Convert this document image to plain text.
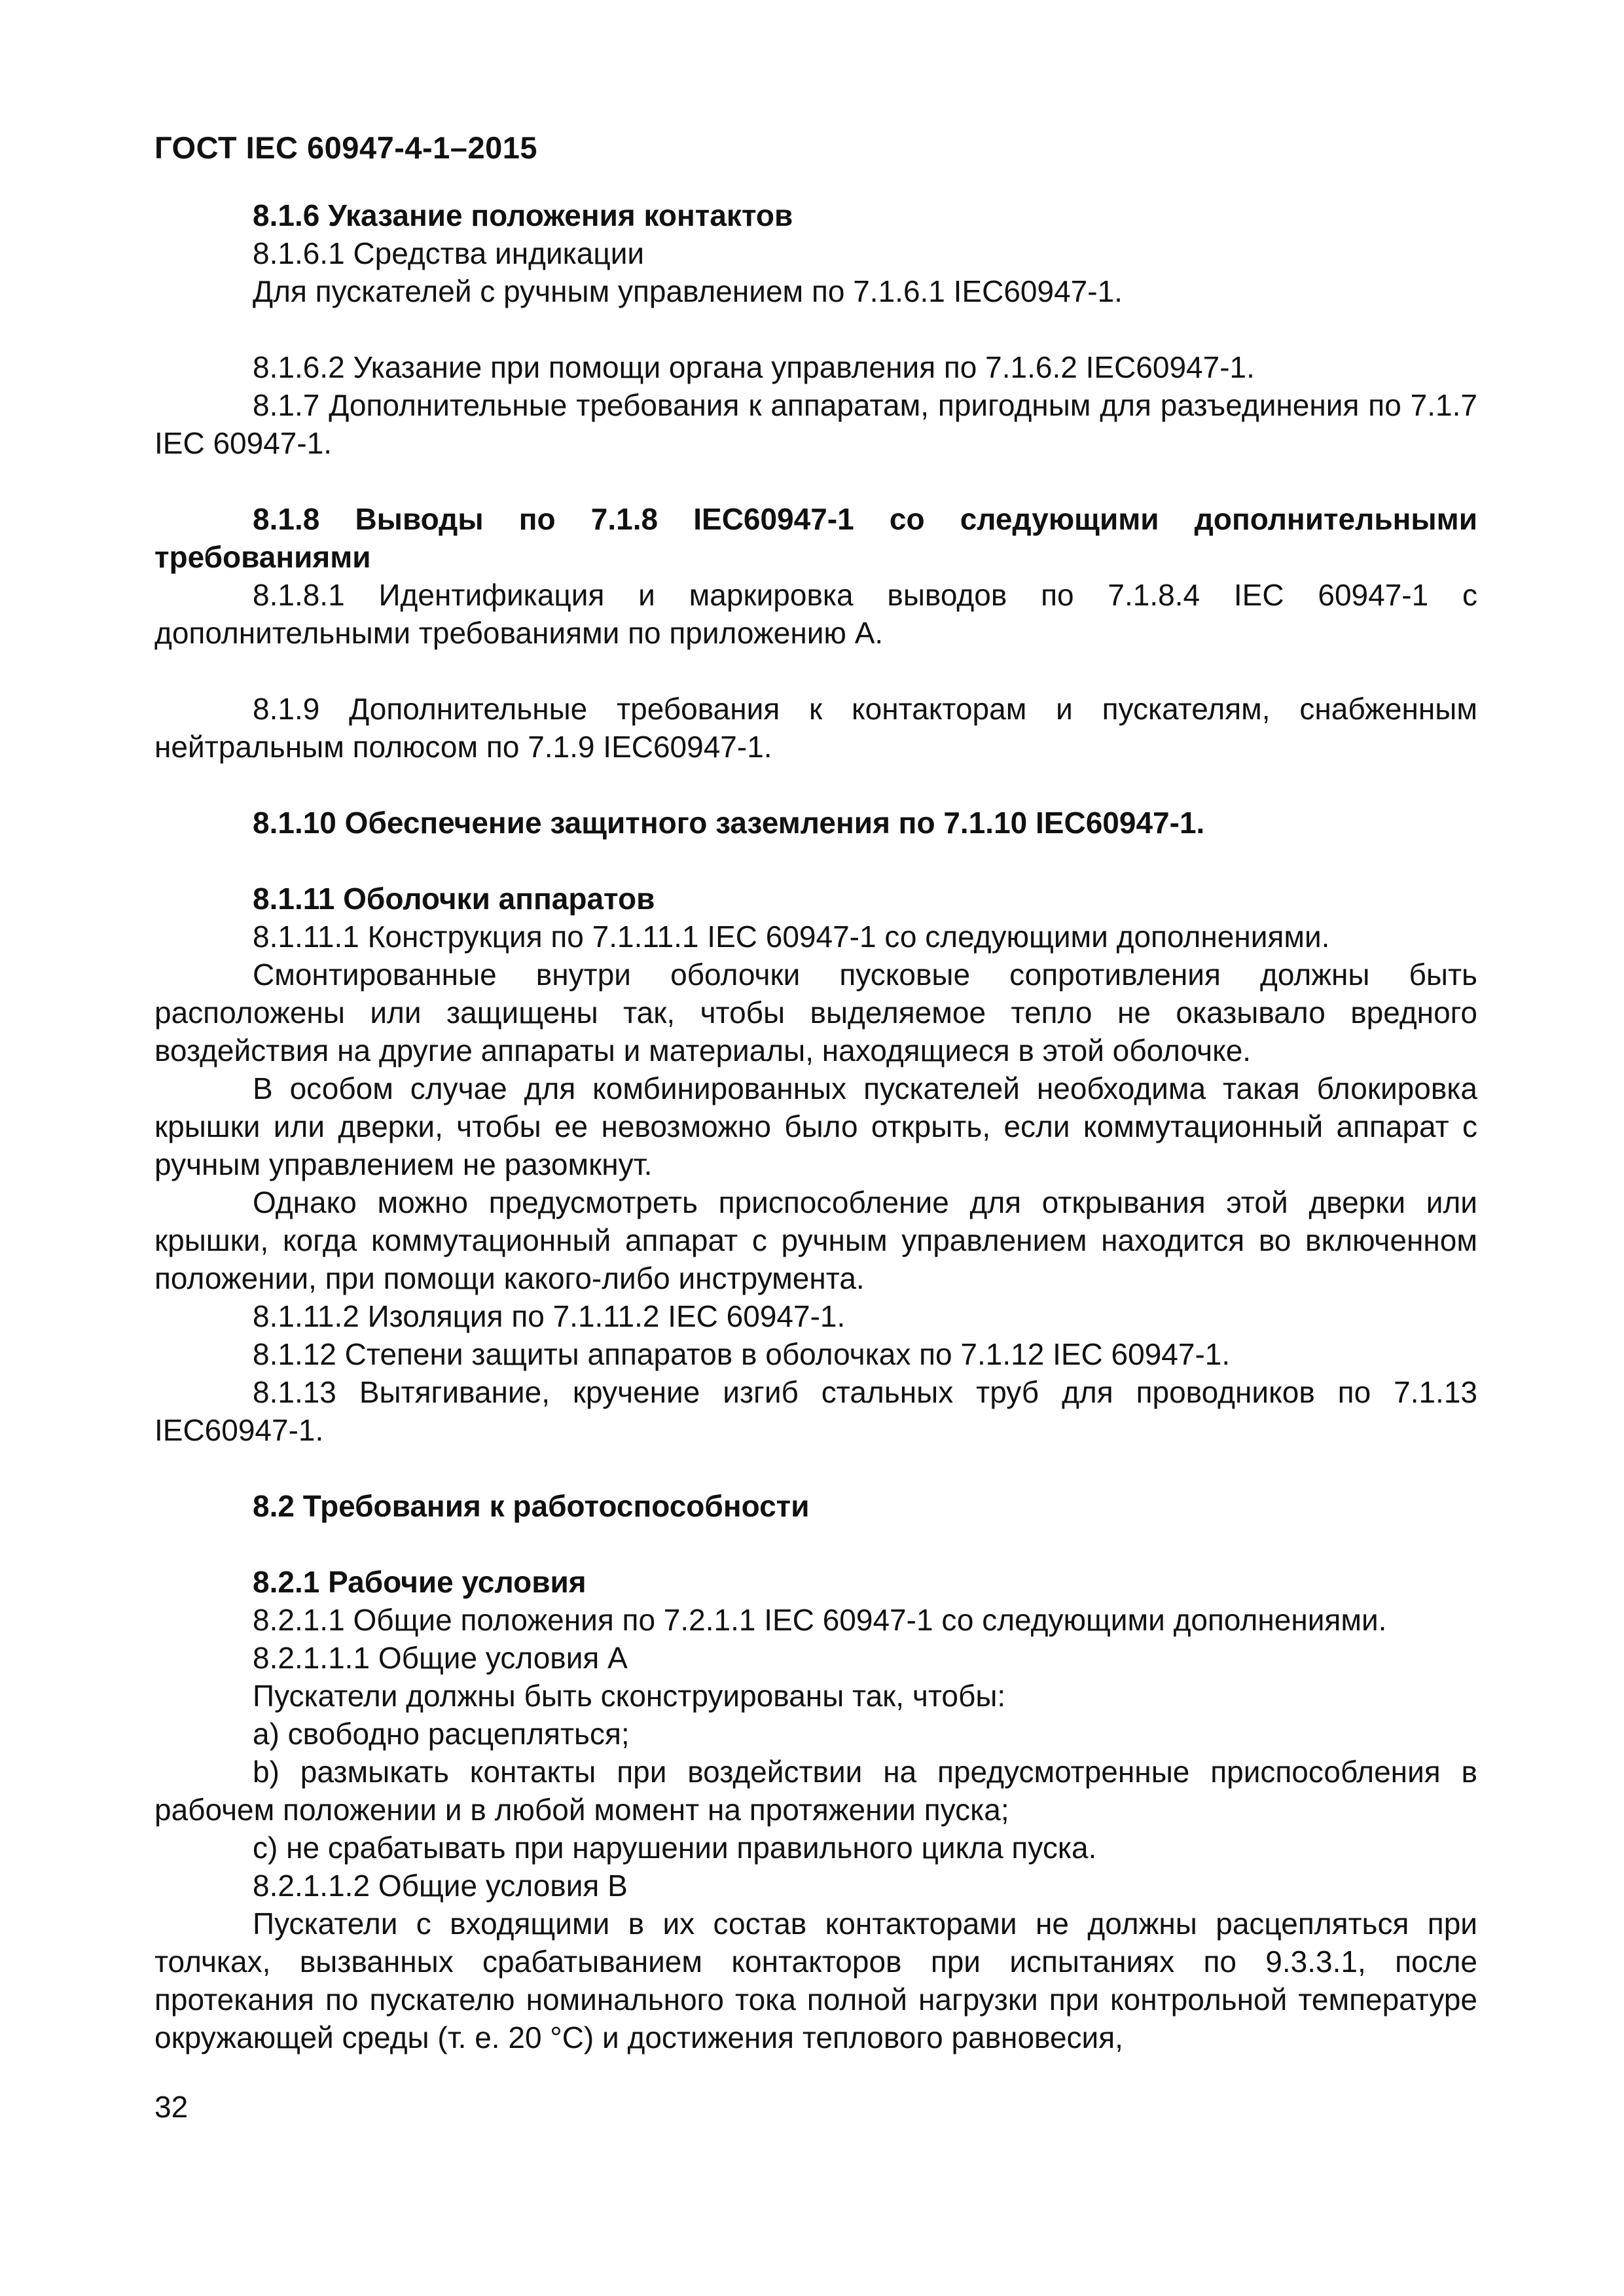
ГОСТ IEC 60947-4-1–2015

8.1.6 Указание положения контактов

8.1.6.1 Средства индикации

Для пускателей с ручным управлением по 7.1.6.1 IEC60947-1.

8.1.6.2 Указание при помощи органа управления по 7.1.6.2 IEC60947-1.

8.1.7 Дополнительные требования к аппаратам, пригодным для разъединения по 7.1.7 IEC 60947-1.

8.1.8 Выводы по 7.1.8 IEC60947-1 со следующими дополнительными требованиями

8.1.8.1 Идентификация и маркировка выводов по 7.1.8.4 IEC 60947-1 с дополнительными требованиями по приложению А.

8.1.9 Дополнительные требования к контакторам и пускателям, снабженным нейтральным полюсом по 7.1.9 IEC60947-1.

8.1.10 Обеспечение защитного заземления по 7.1.10 IEC60947-1.

8.1.11 Оболочки аппаратов

8.1.11.1 Конструкция по 7.1.11.1 IEC 60947-1 со следующими дополнениями.

Смонтированные внутри оболочки пусковые сопротивления должны быть расположены или защищены так, чтобы выделяемое тепло не оказывало вредного воздействия на другие аппараты и материалы, находящиеся в этой оболочке.

В особом случае для комбинированных пускателей необходима такая блокировка крышки или дверки, чтобы ее невозможно было открыть, если коммутационный аппарат с ручным управлением не разомкнут.

Однако можно предусмотреть приспособление для открывания этой дверки или крышки, когда коммутационный аппарат с ручным управлением находится во включенном положении, при помощи какого-либо инструмента.

8.1.11.2 Изоляция по 7.1.11.2 IEC 60947-1.

8.1.12 Степени защиты аппаратов в оболочках по 7.1.12 IEC 60947-1.

8.1.13 Вытягивание, кручение изгиб стальных труб для проводников по 7.1.13 IEC60947-1.

8.2 Требования к работоспособности

8.2.1 Рабочие условия

8.2.1.1 Общие положения по 7.2.1.1 IEC 60947-1 со следующими дополнениями.

8.2.1.1.1 Общие условия А

Пускатели должны быть сконструированы так, чтобы:

a) свободно расцепляться;

b) размыкать контакты при воздействии на предусмотренные приспособления в рабочем положении и в любой момент на протяжении пуска;

c) не срабатывать при нарушении правильного цикла пуска.

8.2.1.1.2 Общие условия В

Пускатели с входящими в их состав контакторами не должны расцепляться при толчках, вызванных срабатыванием контакторов при испытаниях по 9.3.3.1, после протекания по пускателю номинального тока полной нагрузки при контрольной температуре окружающей среды (т. е. 20 °С) и достижения теплового равновесия,

32
